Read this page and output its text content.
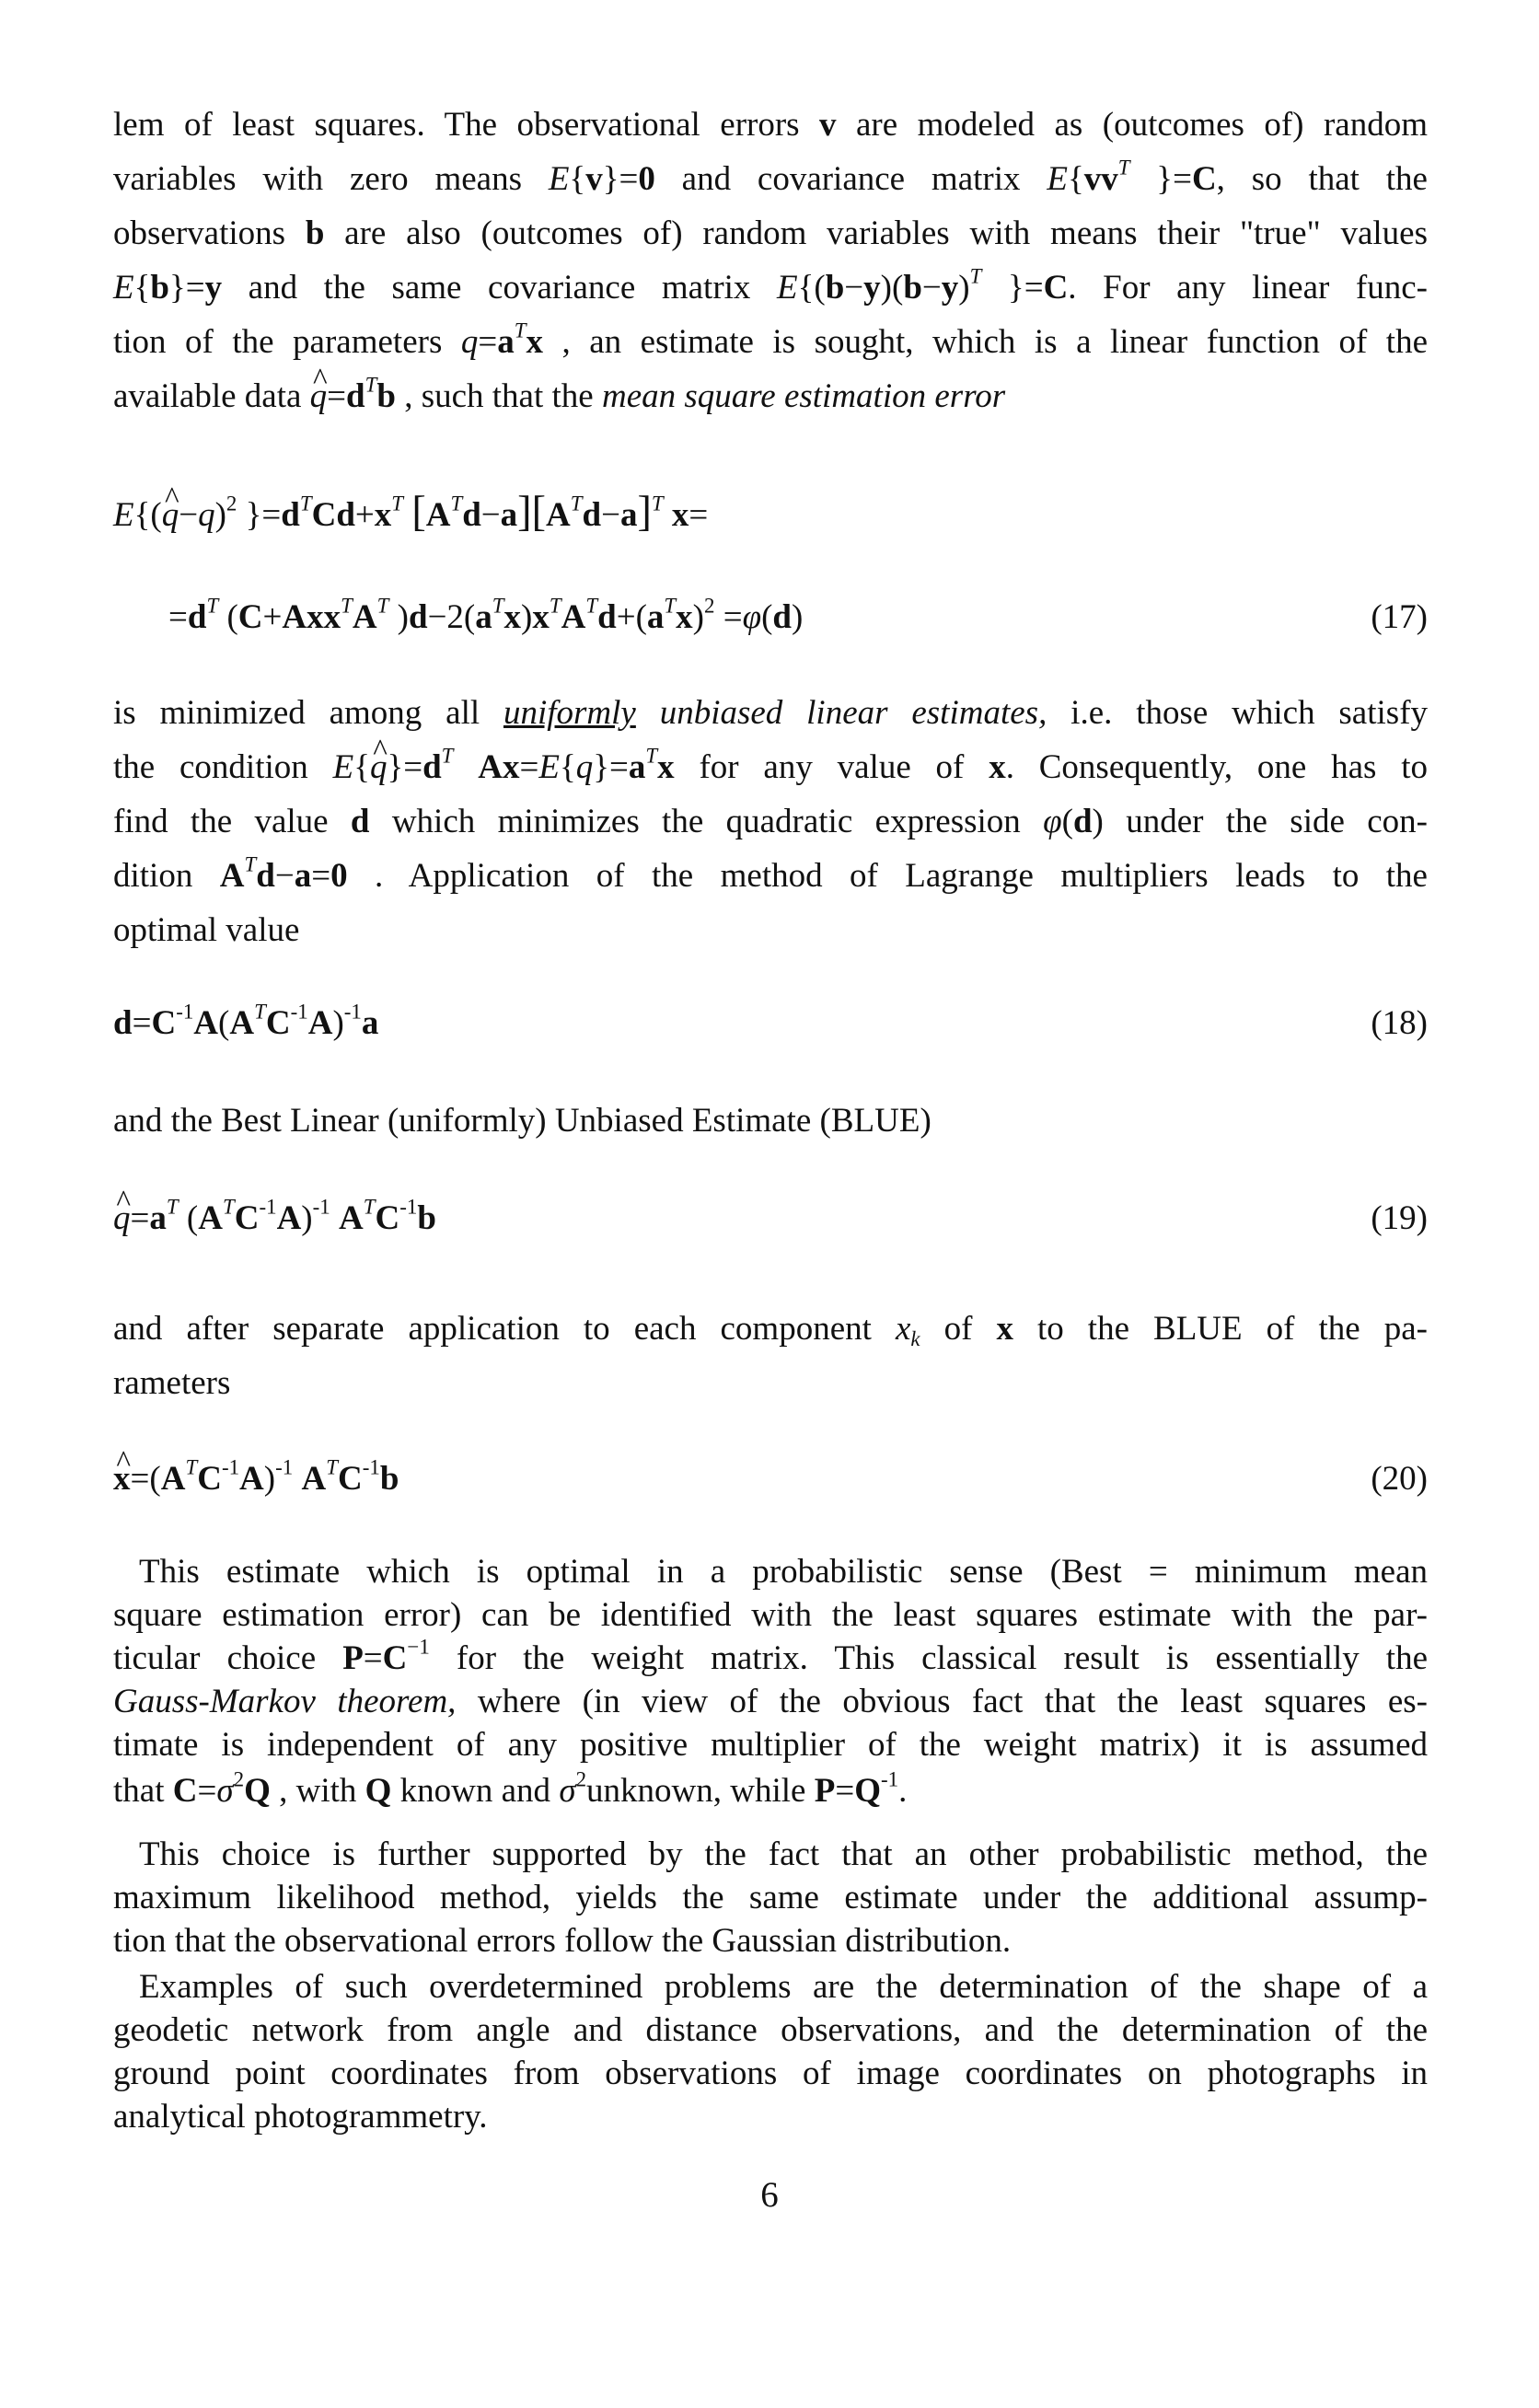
lem of least squares. The observational errors v are modeled as (outcomes of) random
variables with zero means E{v}=0 and covariance matrix $E\{vv^T$ }=C, so that the
observations b are also (outcomes of) random variables with means their "true" values
E{b}=y and the same covariance matrix $E\{(b-y)(b-y)^T$ }=C. For any linear func-
tion of the parameters $q=a^Tx$ , an estimate is sought, which is a linear function of the
available data ^ $q=d^Tb$ , such that the mean square estimation error
E{(^ q−q)$^2$ }$=d^TCd+x^T$ $[A^Td-a][A^Td-a]^T$ x=
$=d^T$ ($C+Axx^TA^T$ )$d-2(a^Tx)x^TA^Td+(a^Tx)^2 =\varphi(d)$	(17)
is minimized among all uniformly unbiased linear estimates, i.e. those which satisfy
the condition E{^ $q\}=d^T$ $Ax=E\{q\}=a^Tx$ for any value of x. Consequently, one has to
find the value d which minimizes the quadratic expression φ(d) under the side con-
dition $A^Td-a=0$ . Application of the method of Lagrange multipliers leads to the
optimal value
$d=C^{-1}A(A^TC^{-1}A)^{-1}a$	(18)
and the Best Linear (uniformly) Unbiased Estimate (BLUE)
^ $q=a^T$ $(A^TC^{-1}A)^{-1}$ $A^TC^{-1}b$	(19)
and after separate application to each component $x_k$ of x to the BLUE of the pa-
rameters
^ $x=(A^TC^{-1}A)^{-1}$ $A^TC^{-1}b$	(20)
This estimate which is optimal in a probabilistic sense (Best = minimum mean
square estimation error) can be identified with the least squares estimate with the par-
ticular choice $P=C^{-1}$ for the weight matrix. This classical result is essentially the
Gauss-Markov theorem, where (in view of the obvious fact that the least squares es-
timate is independent of any positive multiplier of the weight matrix) it is assumed
that $C=\sigma^2Q$ , with Q known and $\sigma^2unknown$, while $P=Q^{-1}$.
This choice is further supported by the fact that an other probabilistic method, the
maximum likelihood method, yields the same estimate under the additional assump-
tion that the observational errors follow the Gaussian distribution.
Examples of such overdetermined problems are the determination of the shape of a
geodetic network from angle and distance observations, and the determination of the
ground point coordinates from observations of image coordinates on photographs in
analytical photogrammetry.
6
